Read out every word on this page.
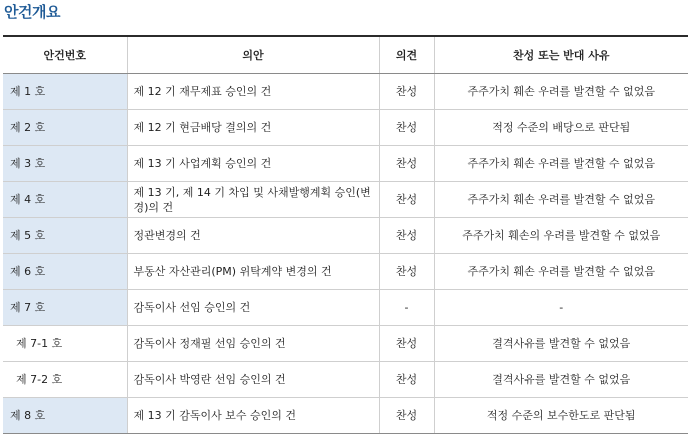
안건개요
안건번호	의안	의견	찬성 또는 반대 사유
제 1 호	제 12 기 재무제표 승인의 건	찬성	주주가치 훼손 우려를 발견할 수 없었음
제 2 호	제 12 기 현금배당 결의의 건	찬성	적정 수준의 배당으로 판단됨
제 3 호	제 13 기 사업계획 승인의 건	찬성	주주가치 훼손 우려를 발견할 수 없었음
제 4 호	제 13 기, 제 14 기 차입 및 사채발행계획 승인(변경)의 건	찬성	주주가치 훼손 우려를 발견할 수 없었음
제 5 호	정관변경의 건	찬성	주주가치 훼손의 우려를 발견할 수 없었음
제 6 호	부동산 자산관리(PM) 위탁계약 변경의 건	찬성	주주가치 훼손 우려를 발견할 수 없었음
제 7 호	감독이사 선임 승인의 건	-	-
제 7-1 호	감독이사 정재필 선임 승인의 건	찬성	결격사유를 발견할 수 없었음
제 7-2 호	감독이사 박영란 선임 승인의 건	찬성	결격사유를 발견할 수 없었음
제 8 호	제 13 기 감독이사 보수 승인의 건	찬성	적정 수준의 보수한도로 판단됨
